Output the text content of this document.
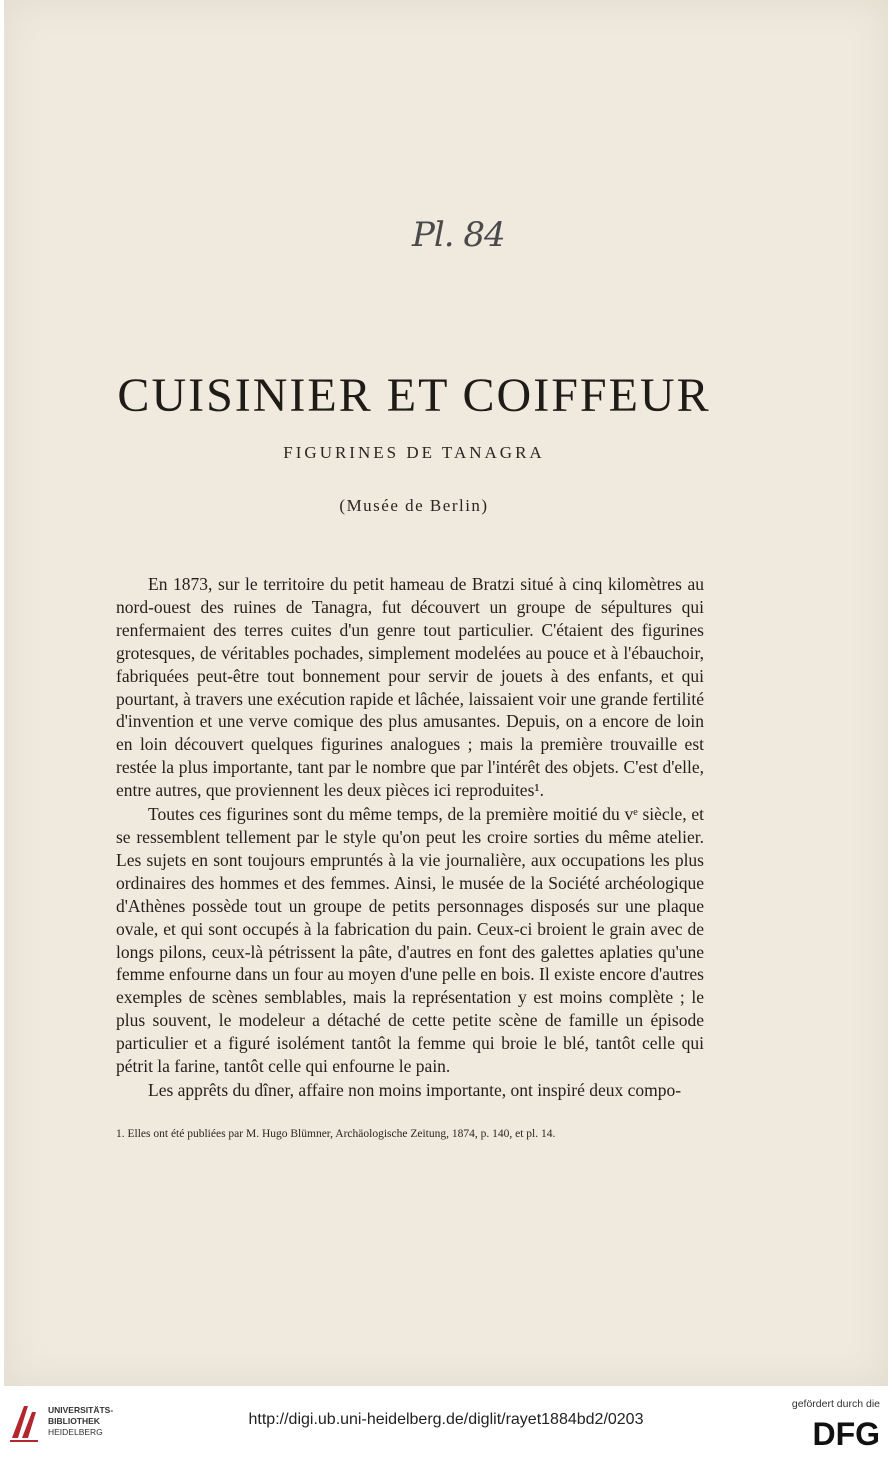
Pl. 84
CUISINIER ET COIFFEUR
FIGURINES DE TANAGRA
(Musée de Berlin)

En 1873, sur le territoire du petit hameau de Bratzi situé à cinq kilomètres au nord-ouest des ruines de Tanagra, fut découvert un groupe de sépultures qui renfermaient des terres cuites d'un genre tout particulier. C'étaient des figurines grotesques, de véritables pochades, simplement modelées au pouce et à l'ébauchoir, fabriquées peut-être tout bonnement pour servir de jouets à des enfants, et qui pourtant, à travers une exécution rapide et lâchée, laissaient voir une grande fertilité d'invention et une verve comique des plus amusantes. Depuis, on a encore de loin en loin découvert quelques figurines analogues ; mais la première trouvaille est restée la plus importante, tant par le nombre que par l'intérêt des objets. C'est d'elle, entre autres, que proviennent les deux pièces ici reproduites¹.

Toutes ces figurines sont du même temps, de la première moitié du vᵉ siècle, et se ressemblent tellement par le style qu'on peut les croire sorties du même atelier. Les sujets en sont toujours empruntés à la vie journalière, aux occupations les plus ordinaires des hommes et des femmes. Ainsi, le musée de la Société archéologique d'Athènes possède tout un groupe de petits personnages disposés sur une plaque ovale, et qui sont occupés à la fabrication du pain. Ceux-ci broient le grain avec de longs pilons, ceux-là pétrissent la pâte, d'autres en font des galettes aplaties qu'une femme enfourne dans un four au moyen d'une pelle en bois. Il existe encore d'autres exemples de scènes semblables, mais la représentation y est moins complète ; le plus souvent, le modeleur a détaché de cette petite scène de famille un épisode particulier et a figuré isolément tantôt la femme qui broie le blé, tantôt celle qui pétrit la farine, tantôt celle qui enfourne le pain.

Les apprêts du dîner, affaire non moins importante, ont inspiré deux compo-

1. Elles ont été publiées par M. Hugo Blümner, Archäologische Zeitung, 1874, p. 140, et pl. 14.
UNIVERSITÄTS-
BIBLIOTHEK
HEIDELBERG
http://digi.ub.uni-heidelberg.de/diglit/rayet1884bd2/0203
gefördert durch die
DFG
